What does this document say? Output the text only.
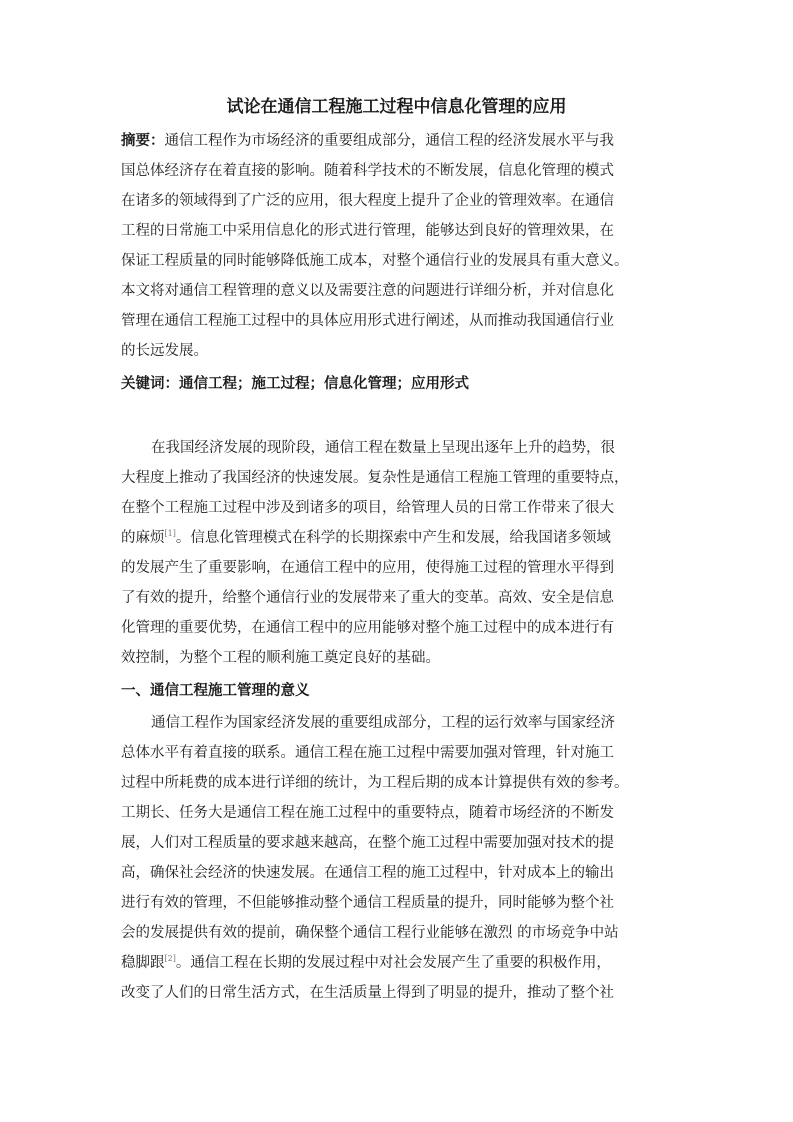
试论在通信工程施工过程中信息化管理的应用
摘要：通信工程作为市场经济的重要组成部分，通信工程的经济发展水平与我
国总体经济存在着直接的影响。随着科学技术的不断发展，信息化管理的模式
在诸多的领域得到了广泛的应用，很大程度上提升了企业的管理效率。在通信
工程的日常施工中采用信息化的形式进行管理，能够达到良好的管理效果，在
保证工程质量的同时能够降低施工成本，对整个通信行业的发展具有重大意义。
本文将对通信工程管理的意义以及需要注意的问题进行详细分析，并对信息化
管理在通信工程施工过程中的具体应用形式进行阐述，从而推动我国通信行业
的长远发展。
关键词：通信工程；施工过程；信息化管理；应用形式
在我国经济发展的现阶段，通信工程在数量上呈现出逐年上升的趋势，很
大程度上推动了我国经济的快速发展。复杂性是通信工程施工管理的重要特点，
在整个工程施工过程中涉及到诸多的项目，给管理人员的日常工作带来了很大
的麻烦[1]。信息化管理模式在科学的长期探索中产生和发展，给我国诸多领域
的发展产生了重要影响，在通信工程中的应用，使得施工过程的管理水平得到
了有效的提升，给整个通信行业的发展带来了重大的变革。高效、安全是信息
化管理的重要优势，在通信工程中的应用能够对整个施工过程中的成本进行有
效控制，为整个工程的顺利施工奠定良好的基础。
一、通信工程施工管理的意义
通信工程作为国家经济发展的重要组成部分，工程的运行效率与国家经济
总体水平有着直接的联系。通信工程在施工过程中需要加强对管理，针对施工
过程中所耗费的成本进行详细的统计，为工程后期的成本计算提供有效的参考。
工期长、任务大是通信工程在施工过程中的重要特点，随着市场经济的不断发
展，人们对工程质量的要求越来越高，在整个施工过程中需要加强对技术的提
高，确保社会经济的快速发展。在通信工程的施工过程中，针对成本上的输出
进行有效的管理，不但能够推动整个通信工程质量的提升，同时能够为整个社
会的发展提供有效的提前，确保整个通信工程行业能够在激烈 的市场竞争中站
稳脚跟[2]。通信工程在长期的发展过程中对社会发展产生了重要的积极作用，
改变了人们的日常生活方式，在生活质量上得到了明显的提升，推动了整个社
